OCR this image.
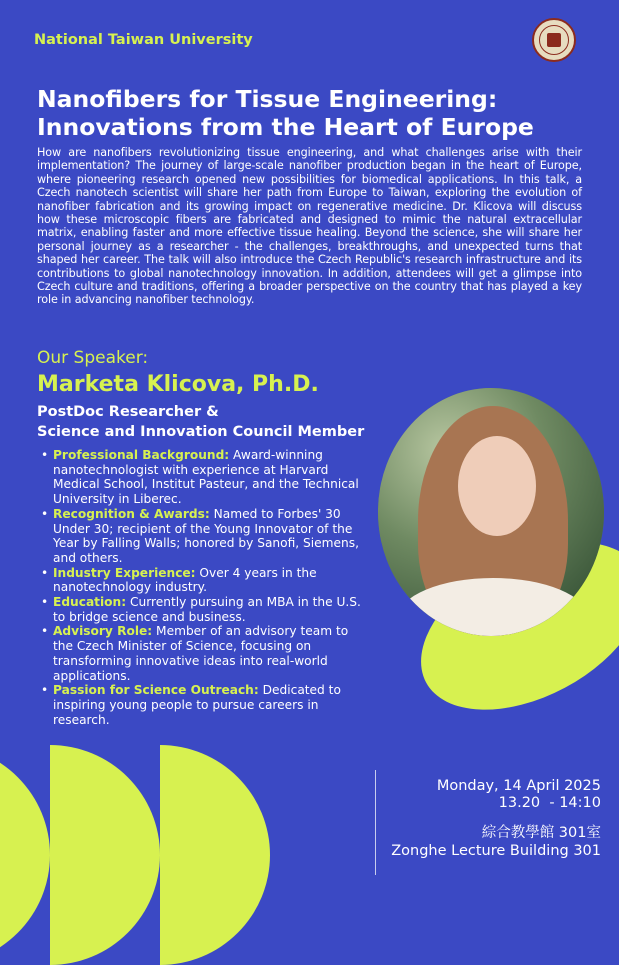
National Taiwan University
Nanofibers for Tissue Engineering:
Innovations from the Heart of Europe

How are nanofibers revolutionizing tissue engineering, and what challenges arise with their implementation? The journey of large-scale nanofiber production began in the heart of Europe, where pioneering research opened new possibilities for biomedical applications. In this talk, a Czech nanotech scientist will share her path from Europe to Taiwan, exploring the evolution of nanofiber fabrication and its growing impact on regenerative medicine. Dr. Klicova will discuss how these microscopic fibers are fabricated and designed to mimic the natural extracellular matrix, enabling faster and more effective tissue healing. Beyond the science, she will share her personal journey as a researcher - the challenges, breakthroughs, and unexpected turns that shaped her career. The talk will also introduce the Czech Republic's research infrastructure and its contributions to global nanotechnology innovation. In addition, attendees will get a glimpse into Czech culture and traditions, offering a broader perspective on the country that has played a key role in advancing nanofiber technology.

Our Speaker:
Marketa Klicova, Ph.D.
PostDoc Researcher &
Science and Innovation Council Member
• Professional Background: Award-winning nanotechnologist with experience at Harvard Medical School, Institut Pasteur, and the Technical University in Liberec.
• Recognition & Awards: Named to Forbes' 30 Under 30; recipient of the Young Innovator of the Year by Falling Walls; honored by Sanofi, Siemens, and others.
• Industry Experience: Over 4 years in the nanotechnology industry.
• Education: Currently pursuing an MBA in the U.S. to bridge science and business.
• Advisory Role: Member of an advisory team to the Czech Minister of Science, focusing on transforming innovative ideas into real-world applications.
• Passion for Science Outreach: Dedicated to inspiring young people to pursue careers in research.
Monday, 14 April 2025
13.20  - 14:10
綜合教學館 301室
Zonghe Lecture Building 301
